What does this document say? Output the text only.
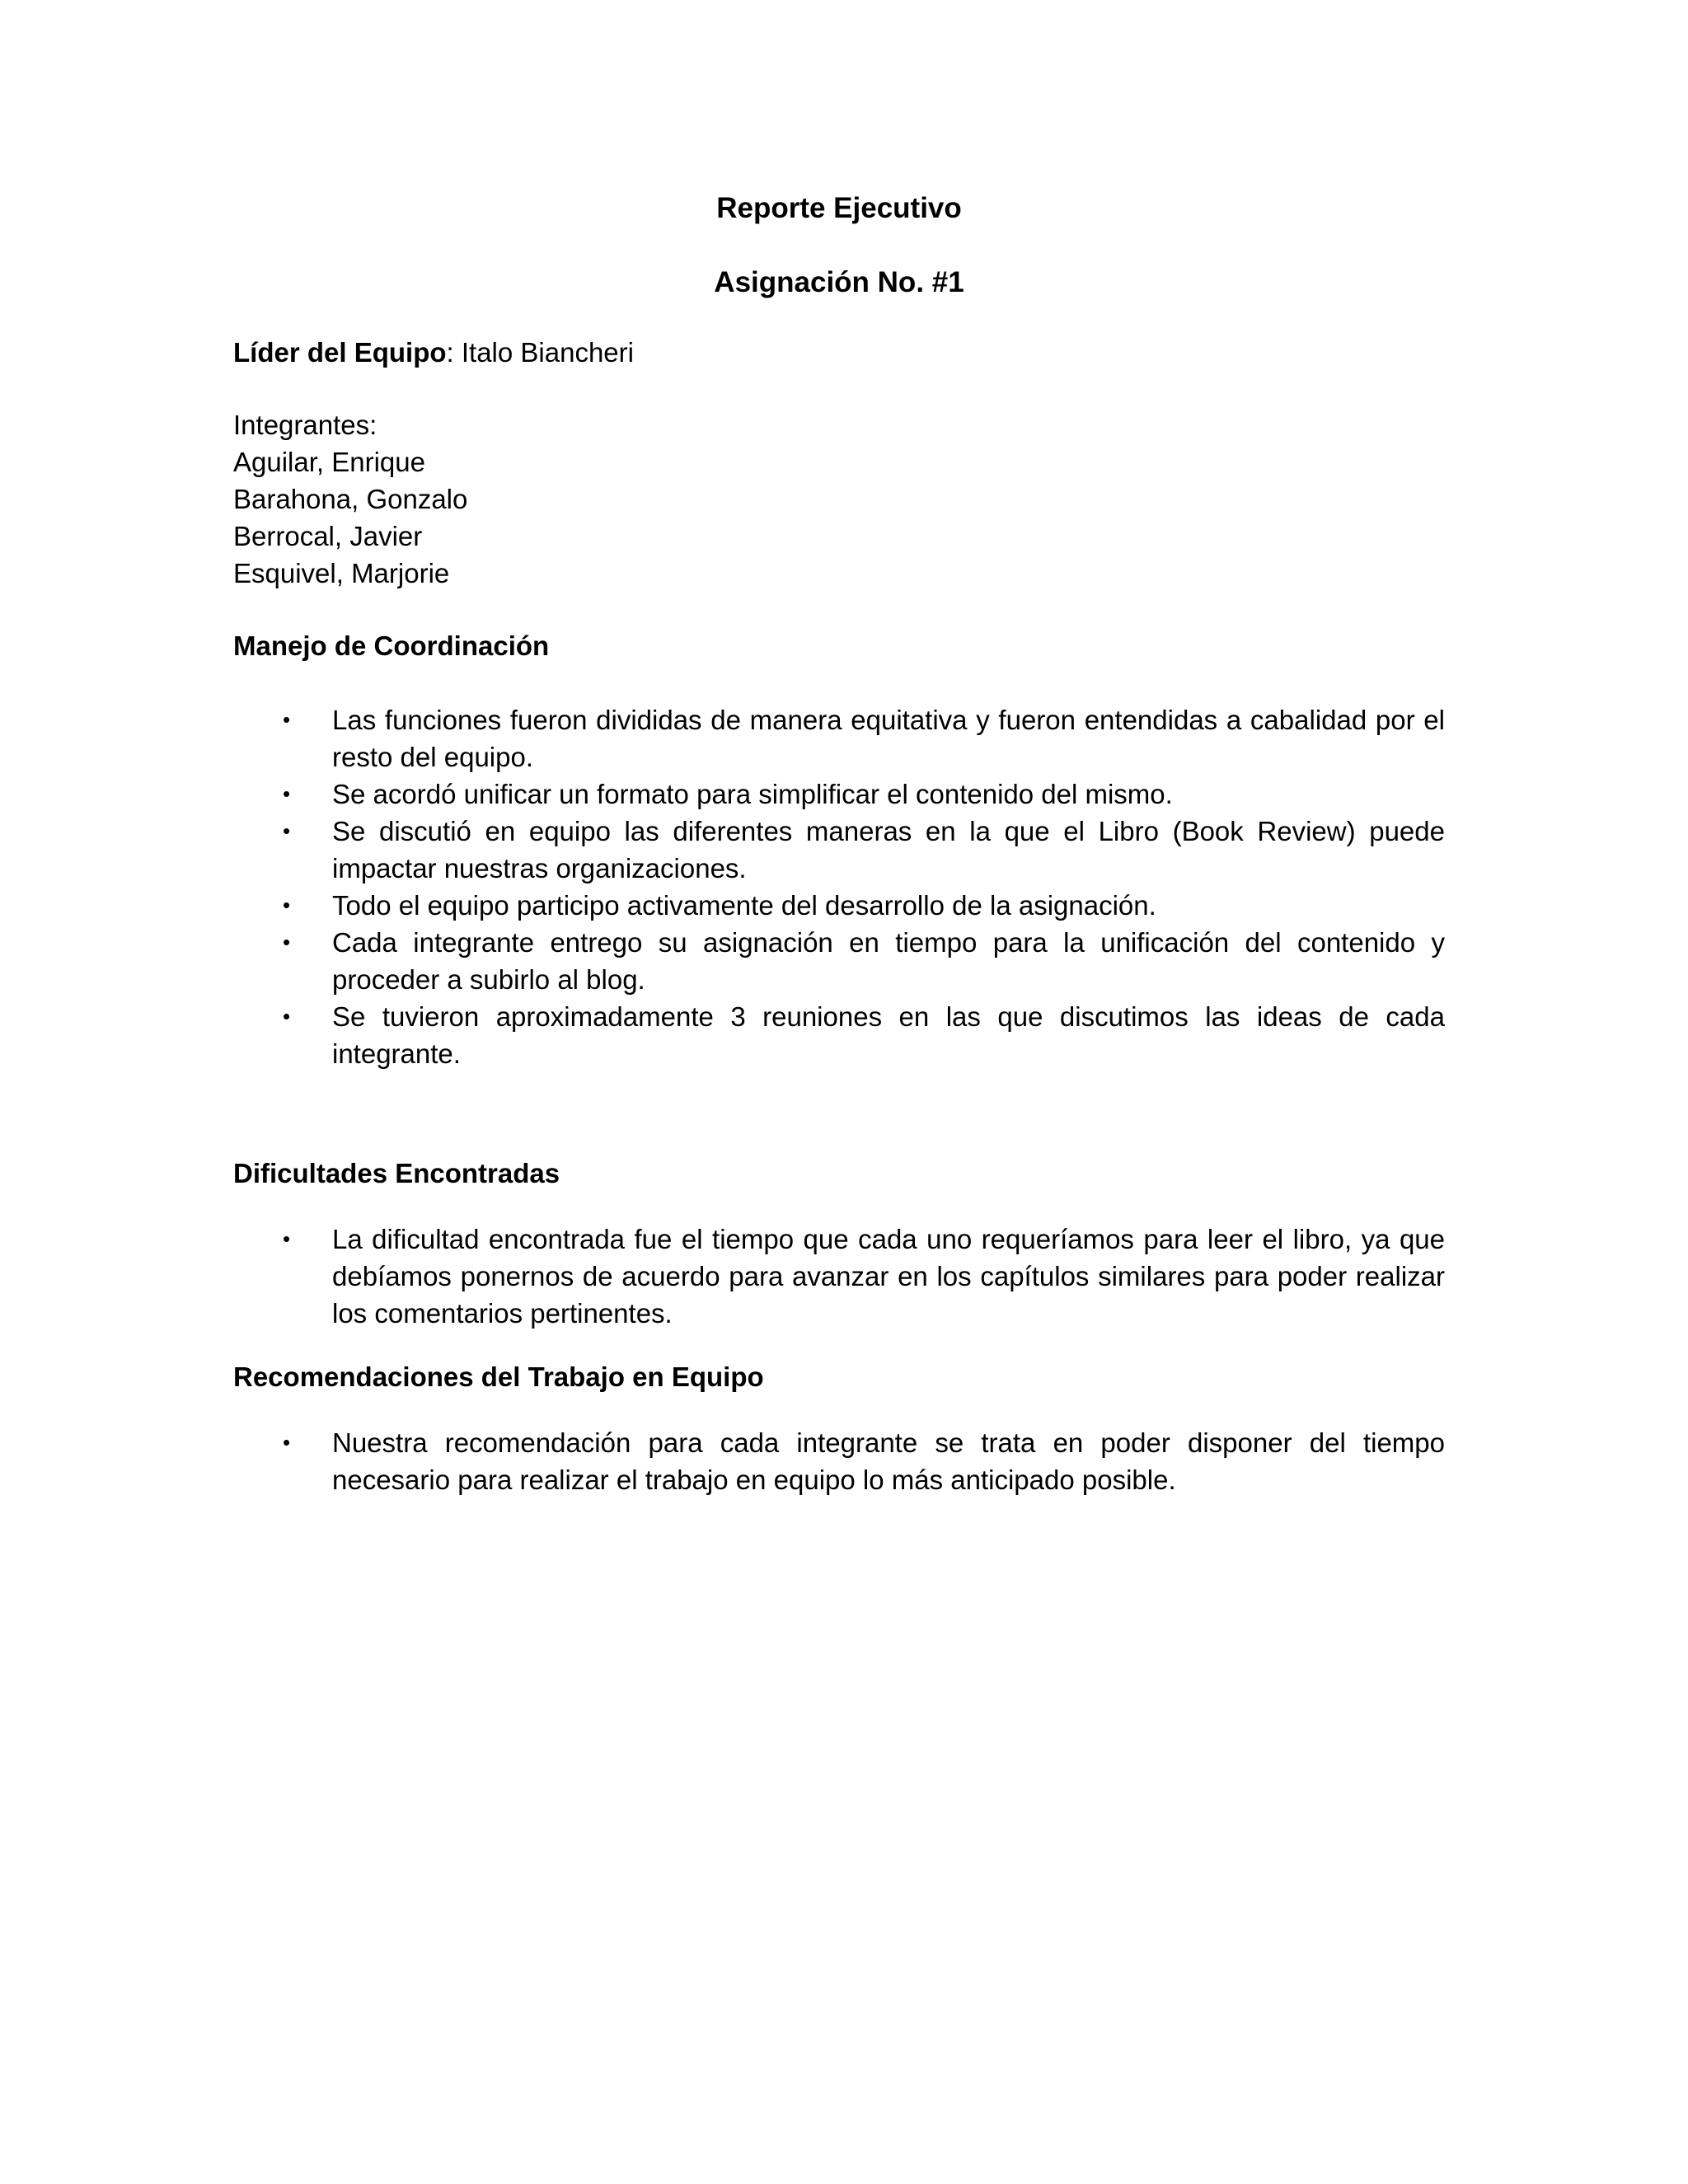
Reporte Ejecutivo
Asignación No. #1
Líder del Equipo: Italo Biancheri
Integrantes:
Aguilar, Enrique
Barahona, Gonzalo
Berrocal, Javier
Esquivel, Marjorie
Manejo de Coordinación
•	Las funciones fueron divididas de manera equitativa y fueron entendidas a cabalidad por el resto del equipo.
•	Se acordó unificar un formato para simplificar el contenido del mismo.
•	Se discutió en equipo las diferentes maneras en la que el Libro (Book Review) puede impactar nuestras organizaciones.
•	Todo el equipo participo activamente del desarrollo de la asignación.
•	Cada integrante entrego su asignación en tiempo para la unificación del contenido y proceder a subirlo al blog.
•	Se tuvieron aproximadamente 3 reuniones en las que discutimos las ideas de cada integrante.
Dificultades Encontradas
•	La dificultad encontrada fue el tiempo que cada uno requeríamos para leer el libro, ya que debíamos ponernos de acuerdo para avanzar en los capítulos similares para poder realizar los comentarios pertinentes.
Recomendaciones del Trabajo en Equipo
•	Nuestra recomendación para cada integrante se trata en poder disponer del tiempo necesario para realizar el trabajo en equipo lo más anticipado posible.
